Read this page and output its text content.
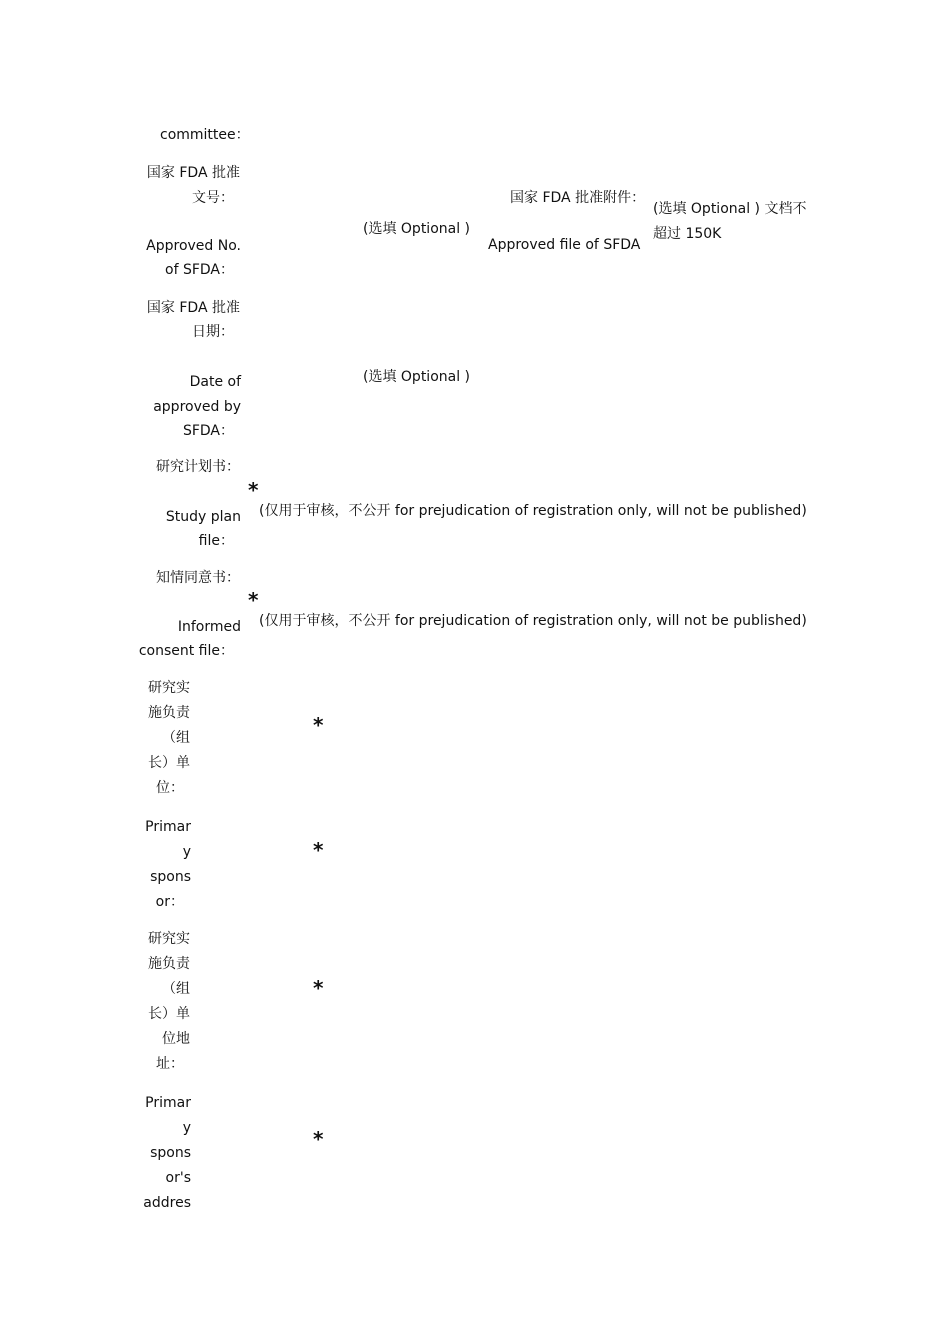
committee：
国家 FDA 批准
文号：
Approved No.
of SFDA：
(选填 Optional )
国家 FDA 批准附件：
Approved file of SFDA
(选填 Optional ) 文档不
超过 150K
国家 FDA 批准
日期：
Date of
approved by
SFDA：
(选填 Optional )
研究计划书：
Study plan
file：
*
(仅用于审核，不公开 for prejudication of registration only, will not be published)
知情同意书：
Informed
consent file：
*
(仅用于审核，不公开 for prejudication of registration only, will not be published)
研究实
施负责
（组
长）单
位：
*
Primar
y
spons
or：
*
研究实
施负责
（组
长）单
位地
址：
*
Primar
y
spons
or's
addres
*
